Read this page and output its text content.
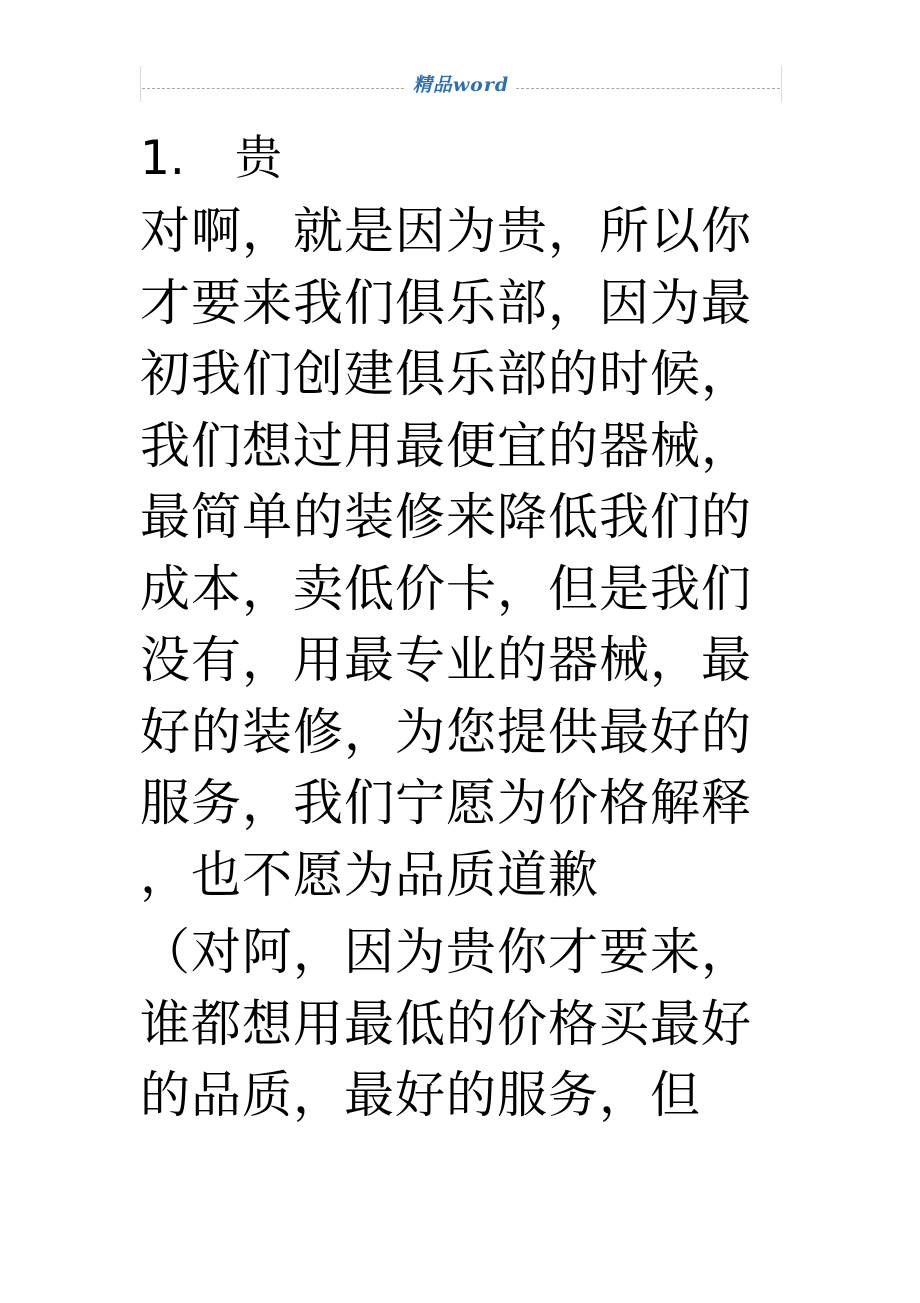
精品word
1. 贵
对啊，就是因为贵，所以你
才要来我们俱乐部，因为最
初我们创建俱乐部的时候，
我们想过用最便宜的器械，
最简单的装修来降低我们的
成本，卖低价卡，但是我们
没有，用最专业的器械，最
好的装修，为您提供最好的
服务，我们宁愿为价格解释
，也不愿为品质道歉
（对阿，因为贵你才要来，
谁都想用最低的价格买最好
的品质，最好的服务，但
